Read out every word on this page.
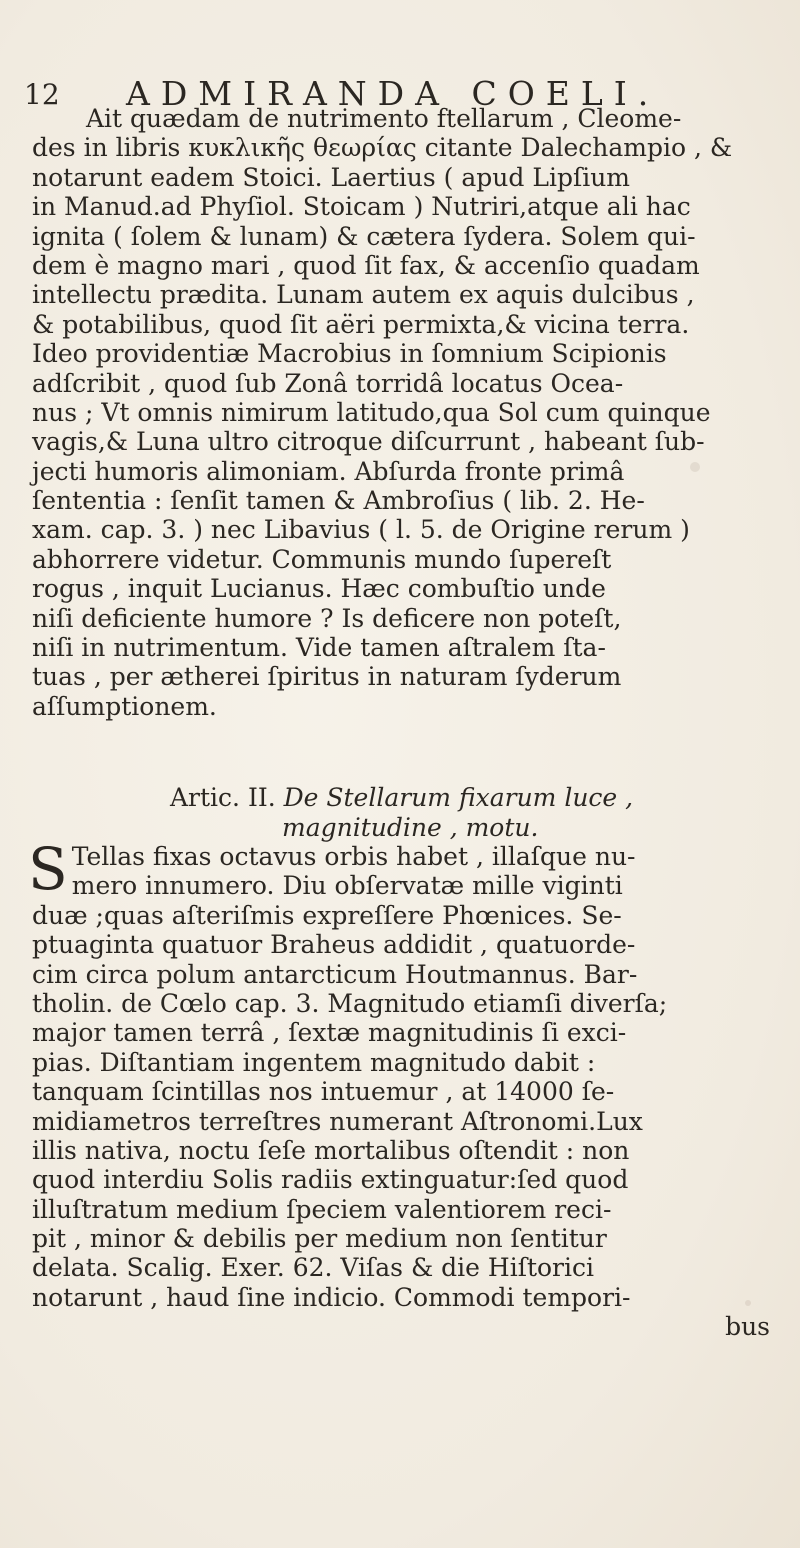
12 ADMIRANDA COELI.
Ait quædam de nutrimento ftellarum , Cleome-
des in libris κυκλικῆς θεωρίας citante Dalechampio , &
notarunt eadem Stoici. Laertius ( apud Lipſium
in Manud.ad Phyſiol. Stoicam ) Nutriri,atque ali hac
ignita ( ſolem & lunam) & cætera ſydera. Solem qui-
dem è magno mari , quod ſit fax, & accenſio quadam
intellectu prædita. Lunam autem ex aquis dulcibus ,
& potabilibus, quod ſit aëri permixta,& vicina terra.
Ideo providentiæ Macrobius in ſomnium Scipionis
adſcribit , quod ſub Zonâ torridâ locatus Ocea-
nus ; Vt omnis nimirum latitudo,qua Sol cum quinque
vagis,& Luna ultro citroque diſcurrunt , habeant ſub-
jecti humoris alimoniam. Abſurda fronte primâ
ſententia : ſenſit tamen & Ambroſius ( lib. 2. He-
xam. cap. 3. ) nec Libavius ( l. 5. de Origine rerum )
abhorrere videtur. Communis mundo ſupereſt
rogus , inquit Lucianus. Hæc combuſtio unde
niſi deficiente humore ? Is deficere non poteſt,
niſi in nutrimentum. Vide tamen aſtralem ſta-
tuas , per ætherei ſpiritus in naturam ſyderum
aſſumptionem.
Artic. II. De Stellarum fixarum luce ,
magnitudine , motu.
S Tellas fixas octavus orbis habet , illaſque nu-
mero innumero. Diu obſervatæ mille viginti
duæ ;quas aſteriſmis expreſſere Phœnices. Se-
ptuaginta quatuor Braheus addidit , quatuorde-
cim circa polum antarcticum Houtmannus. Bar-
tholin. de Cœlo cap. 3. Magnitudo etiamſi diverſa;
major tamen terrâ , ſextæ magnitudinis ſi exci-
pias. Diſtantiam ingentem magnitudo dabit :
tanquam ſcintillas nos intuemur , at 14000 ſe-
midiametros terreſtres numerant Aſtronomi.Lux
illis nativa, noctu ſeſe mortalibus oſtendit : non
quod interdiu Solis radiis extinguatur:ſed quod
illuſtratum medium ſpeciem valentiorem reci-
pit , minor & debilis per medium non ſentitur
delata. Scalig. Exer. 62. Viſas & die Hiſtorici
notarunt , haud ſine indicio. Commodi tempori-
bus
